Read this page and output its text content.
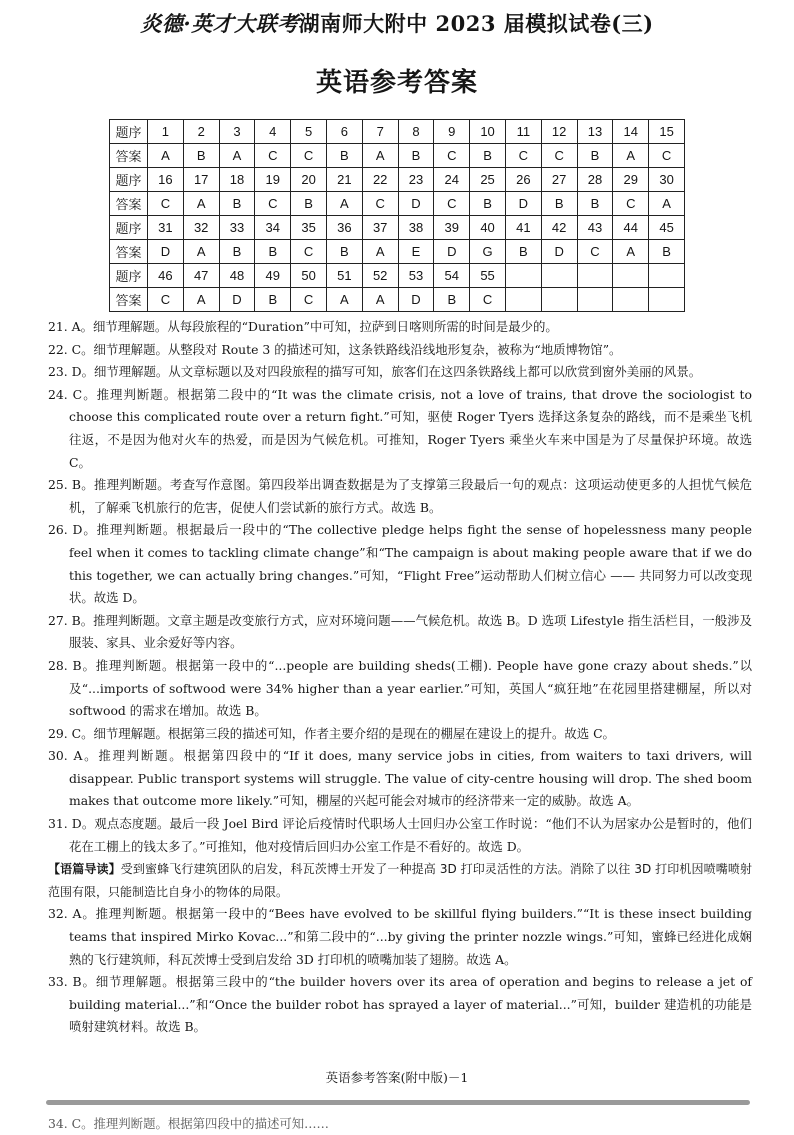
炎德·英才大联考湖南师大附中 2023 届模拟试卷(三)
英语参考答案
题序	1	2	3	4	5	6	7	8	9	10	11	12	13	14	15
答案	A	B	A	C	C	B	A	B	C	B	C	C	B	A	C
题序	16	17	18	19	20	21	22	23	24	25	26	27	28	29	30
答案	C	A	B	C	B	A	C	D	C	B	D	B	B	C	A
题序	31	32	33	34	35	36	37	38	39	40	41	42	43	44	45
答案	D	A	B	B	C	B	A	E	D	G	B	D	C	A	B
题序	46	47	48	49	50	51	52	53	54	55					
答案	C	A	D	B	C	A	A	D	B	C					

21. A。细节理解题。从每段旅程的“Duration”中可知，拉萨到日喀则所需的时间是最少的。

22. C。细节理解题。从整段对 Route 3 的描述可知，这条铁路线沿线地形复杂，被称为“地质博物馆”。

23. D。细节理解题。从文章标题以及对四段旅程的描写可知，旅客们在这四条铁路线上都可以欣赏到窗外美丽的风景。

24. C。推理判断题。根据第二段中的“It was the climate crisis, not a love of trains, that drove the sociologist to choose this complicated route over a return fight.”可知，驱使 Roger Tyers 选择这条复杂的路线，而不是乘坐飞机往返，不是因为他对火车的热爱，而是因为气候危机。可推知，Roger Tyers 乘坐火车来中国是为了尽量保护环境。故选 C。

25. B。推理判断题。考查写作意图。第四段举出调查数据是为了支撑第三段最后一句的观点：这项运动使更多的人担忧气候危机，了解乘飞机旅行的危害，促使人们尝试新的旅行方式。故选 B。

26. D。推理判断题。根据最后一段中的“The collective pledge helps fight the sense of hopelessness many people feel when it comes to tackling climate change”和“The campaign is about making people aware that if we do this together, we can actually bring changes.”可知，“Flight Free”运动帮助人们树立信心 —— 共同努力可以改变现状。故选 D。

27. B。推理判断题。文章主题是改变旅行方式，应对环境问题——气候危机。故选 B。D 选项 Lifestyle 指生活栏目，一般涉及服装、家具、业余爱好等内容。

28. B。推理判断题。根据第一段中的“...people are building sheds(工棚). People have gone crazy about sheds.”以及“...imports of softwood were 34% higher than a year earlier.”可知，英国人“疯狂地”在花园里搭建棚屋，所以对 softwood 的需求在增加。故选 B。

29. C。细节理解题。根据第三段的描述可知，作者主要介绍的是现在的棚屋在建设上的提升。故选 C。

30. A。推理判断题。根据第四段中的“If it does, many service jobs in cities, from waiters to taxi drivers, will disappear. Public transport systems will struggle. The value of city-centre housing will drop. The shed boom makes that outcome more likely.”可知，棚屋的兴起可能会对城市的经济带来一定的威胁。故选 A。

31. D。观点态度题。最后一段 Joel Bird 评论后疫情时代职场人士回归办公室工作时说：“他们不认为居家办公是暂时的，他们花在工棚上的钱太多了。”可推知，他对疫情后回归办公室工作是不看好的。故选 D。

【语篇导读】受到蜜蜂飞行建筑团队的启发，科瓦茨博士开发了一种提高 3D 打印灵活性的方法。消除了以往 3D 打印机因喷嘴喷射范围有限，只能制造比自身小的物体的局限。

32. A。推理判断题。根据第一段中的“Bees have evolved to be skillful flying builders.”“It is these insect building teams that inspired Mirko Kovac...”和第二段中的“...by giving the printer nozzle wings.”可知，蜜蜂已经进化成娴熟的飞行建筑师，科瓦茨博士受到启发给 3D 打印机的喷嘴加装了翅膀。故选 A。

33. B。细节理解题。根据第三段中的“the builder hovers over its area of operation and begins to release a jet of building material...”和“Once the builder robot has sprayed a layer of material...”可知，builder 建造机的功能是喷射建筑材料。故选 B。

英语参考答案(附中版)－1
34. C。推理判断题。根据第四段中的描述可知……
